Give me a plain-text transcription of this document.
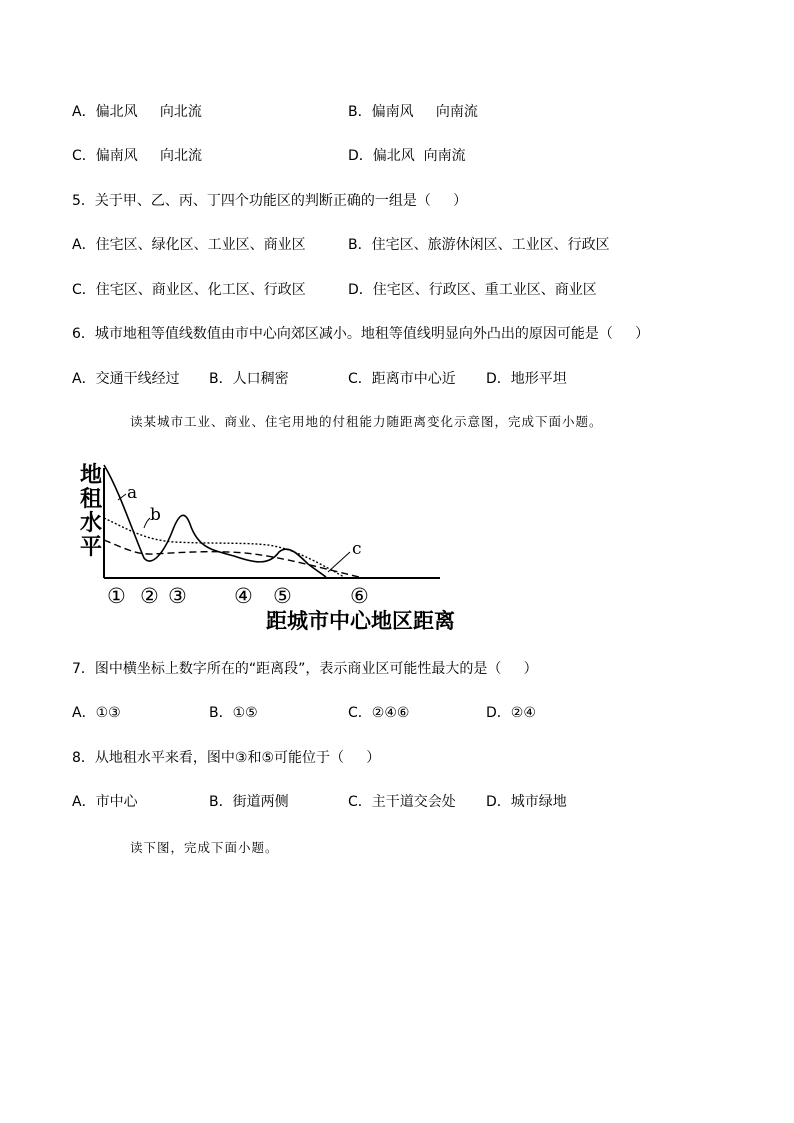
A．偏北风     向北流	B．偏南风     向南流
C．偏南风     向北流	D．偏北风  向南流
5．关于甲、乙、丙、丁四个功能区的判断正确的一组是（     ）
A．住宅区、绿化区、工业区、商业区	B．住宅区、旅游休闲区、工业区、行政区
C．住宅区、商业区、化工区、行政区	D．住宅区、行政区、重工业区、商业区
6．城市地租等值线数值由市中心向郊区减小。地租等值线明显向外凸出的原因可能是（     ）
A．交通干线经过 B．人口稠密	C．距离市中心近 D．地形平坦
读某城市工业、商业、住宅用地的付租能力随距离变化示意图，完成下面小题。
地
租
水
平
a
b
c
① ② ③ ④ ⑤	⑥
距城市中心地区距离
7．图中横坐标上数字所在的“距离段”，表示商业区可能性最大的是（     ）
A．①③	B．①⑤	C．②④⑥	D．②④
8．从地租水平来看，图中③和⑤可能位于（     ）
A．市中心	B．街道两侧	C．主干道交会处 D．城市绿地
读下图，完成下面小题。
